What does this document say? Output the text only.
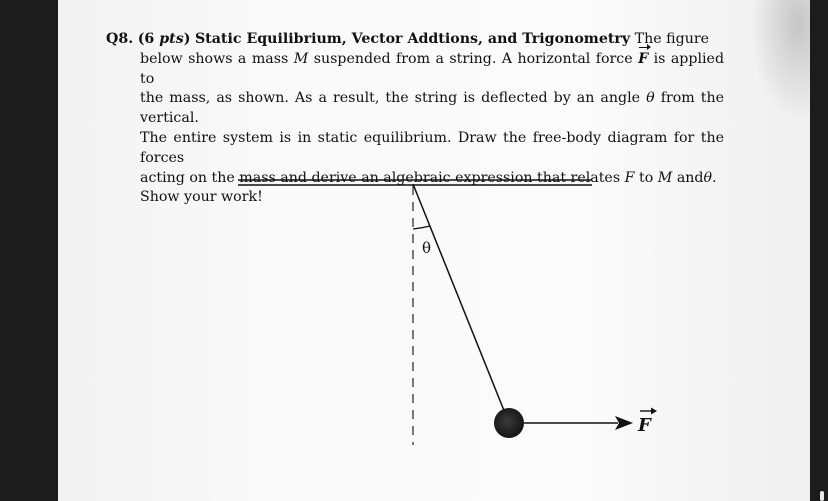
Q8. (6 pts) Static Equilibrium, Vector Addtions, and Trigonometry The figure
below shows a mass M suspended from a string. A horizontal force F is applied to
the mass, as shown. As a result, the string is deflected by an angle θ from the vertical.
The entire system is in static equilibrium. Draw the free-body diagram for the forces
acting on the mass and derive an algebraic expression that relates F to M andθ.
Show your work!
θ
F
